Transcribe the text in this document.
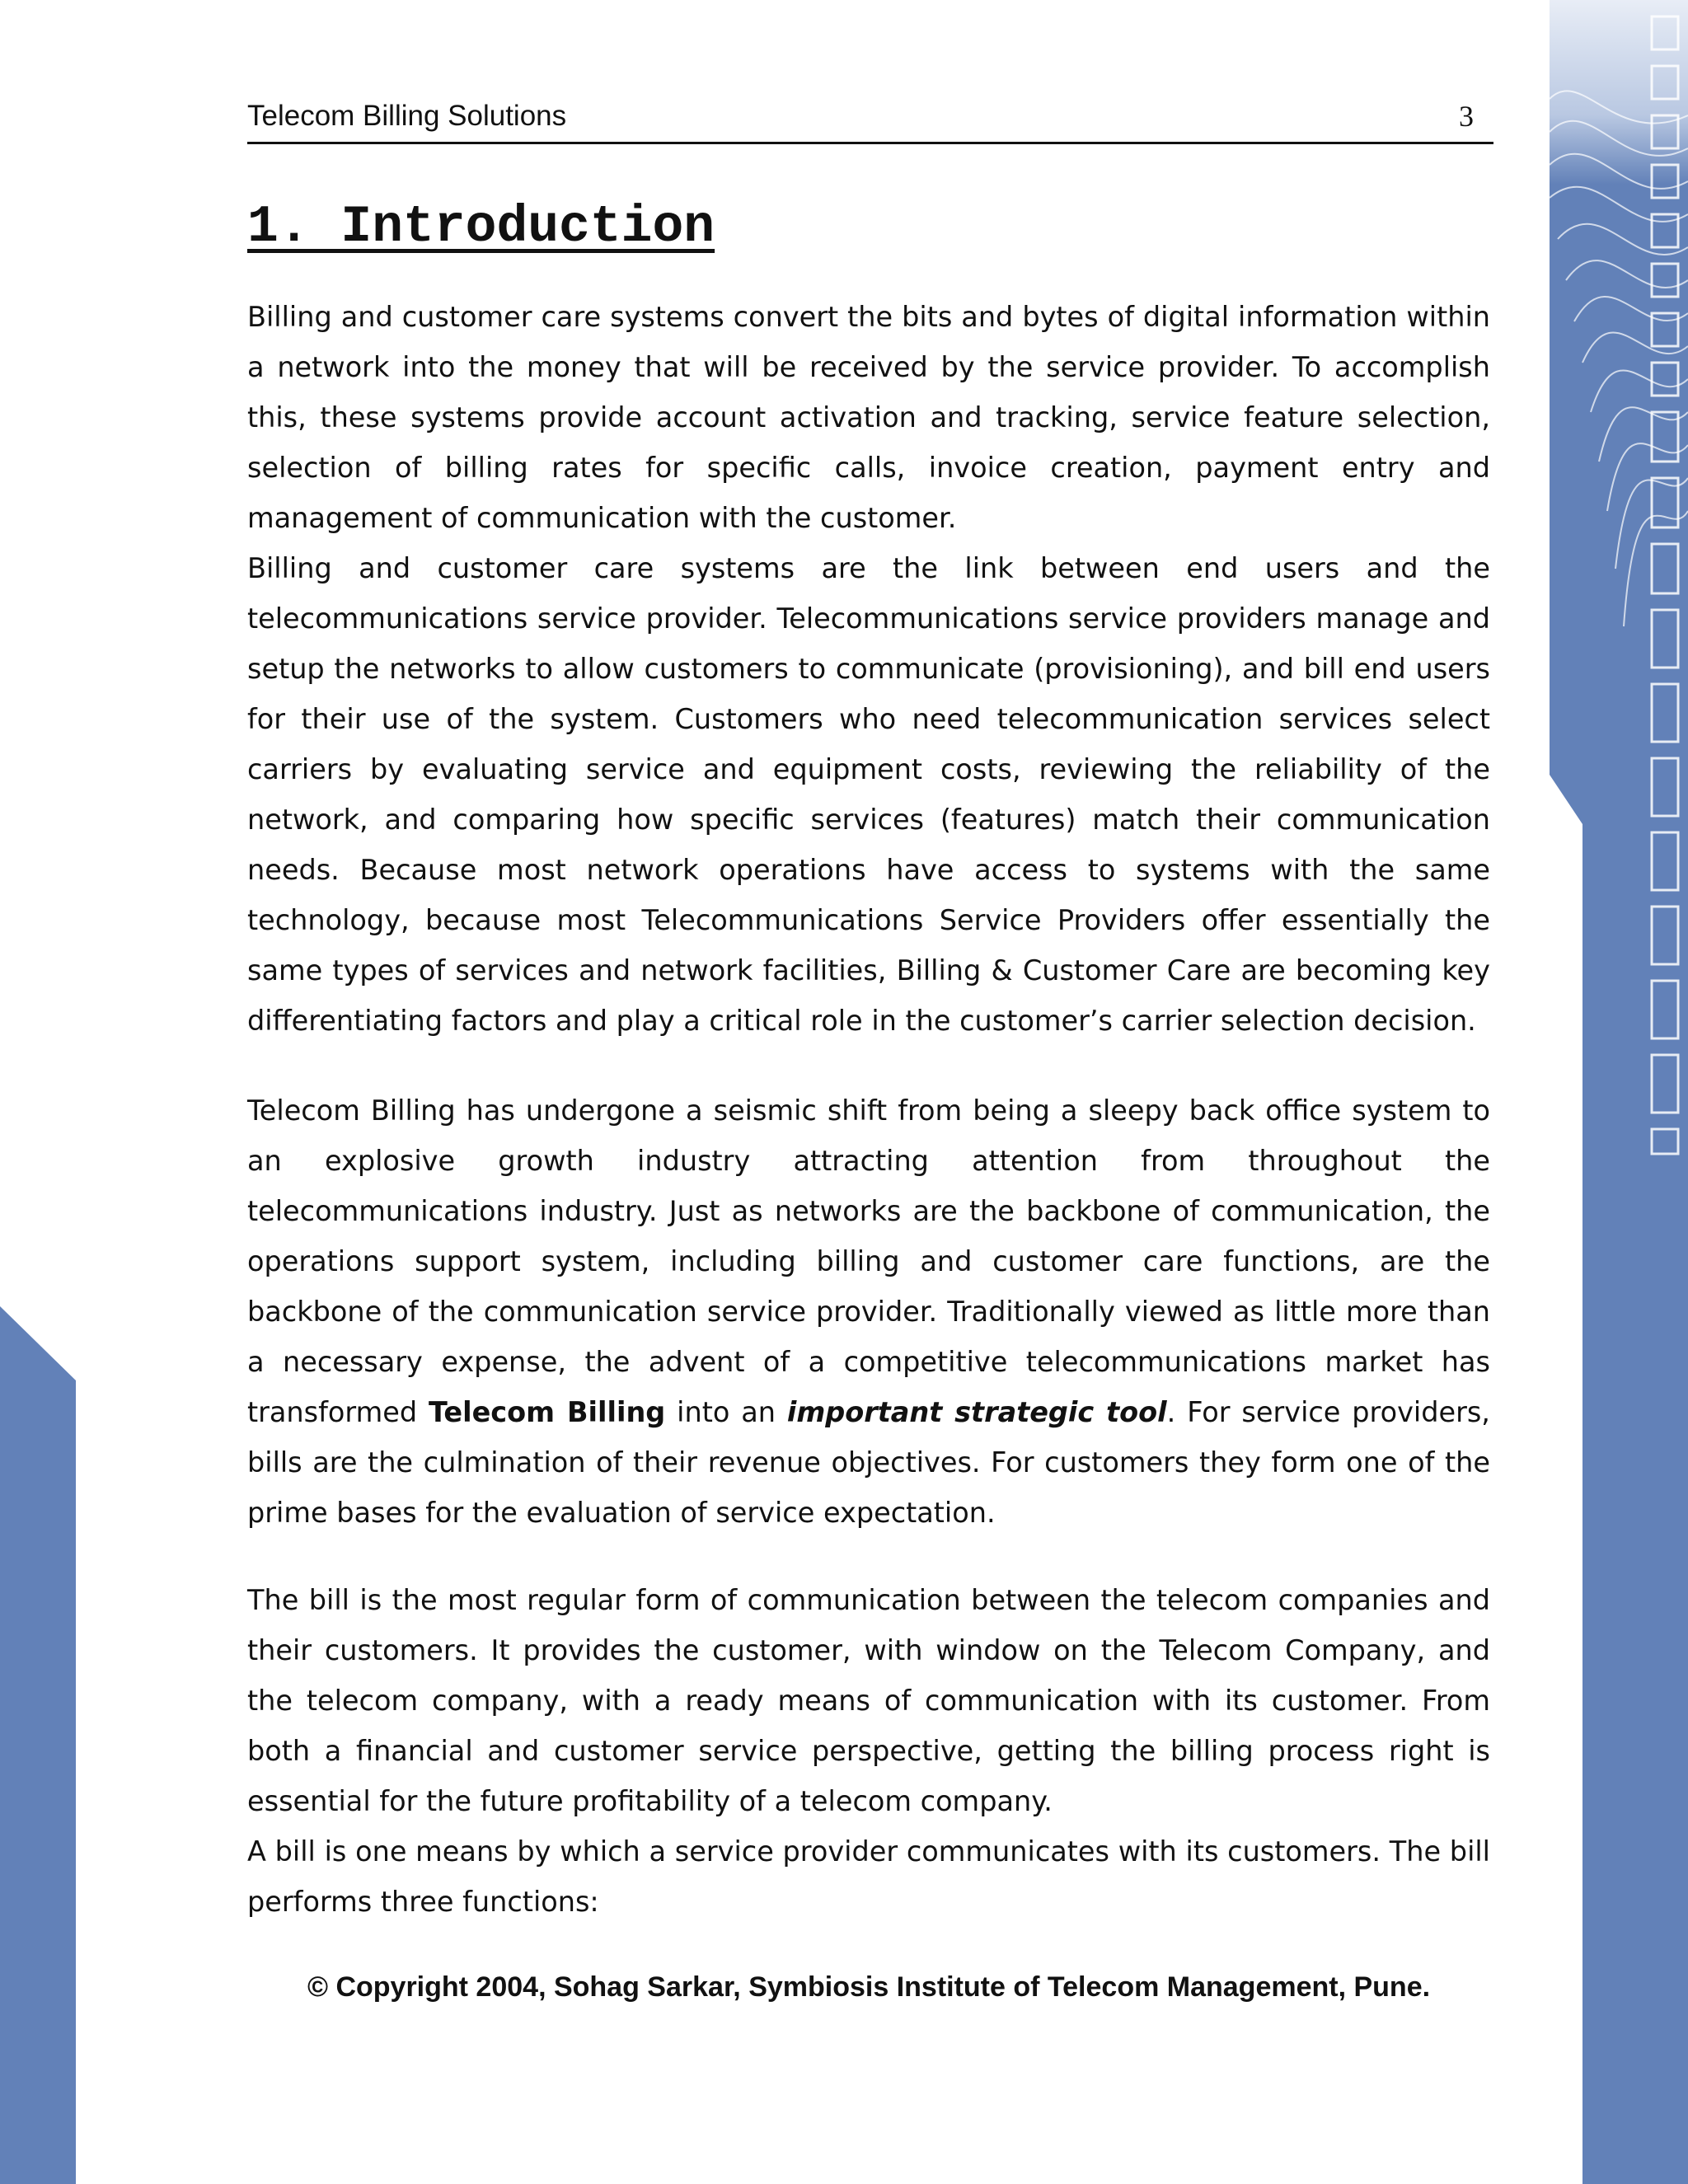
Telecom Billing Solutions	3
1. Introduction

Billing and customer care systems convert the bits and bytes of digital information within a network into the money that will be received by the service provider. To accomplish this, these systems provide account activation and tracking, service feature selection, selection of billing rates for specific calls, invoice creation, payment entry and management of communication with the customer.

Billing and customer care systems are the link between end users and the telecommunications service provider. Telecommunications service providers manage and setup the networks to allow customers to communicate (provisioning), and bill end users for their use of the system. Customers who need telecommunication services select carriers by evaluating service and equipment costs, reviewing the reliability of the network, and comparing how specific services (features) match their communication needs. Because most network operations have access to systems with the same technology, because most Telecommunications Service Providers offer essentially the same types of services and network facilities, Billing & Customer Care are becoming key differentiating factors and play a critical role in the customer’s carrier selection decision.

Telecom Billing has undergone a seismic shift from being a sleepy back office system to an explosive growth industry attracting attention from throughout the telecommunications industry. Just as networks are the backbone of communication, the operations support system, including billing and customer care functions, are the backbone of the communication service provider. Traditionally viewed as little more than a necessary expense, the advent of a competitive telecommunications market has transformed Telecom Billing into an important strategic tool. For service providers, bills are the culmination of their revenue objectives. For customers they form one of the prime bases for the evaluation of service expectation.

The bill is the most regular form of communication between the telecom companies and their customers. It provides the customer, with window on the Telecom Company, and the telecom company, with a ready means of communication with its customer. From both a financial and customer service perspective, getting the billing process right is essential for the future profitability of a telecom company.

A bill is one means by which a service provider communicates with its customers. The bill performs three functions:

© Copyright 2004, Sohag Sarkar, Symbiosis Institute of Telecom Management, Pune.
